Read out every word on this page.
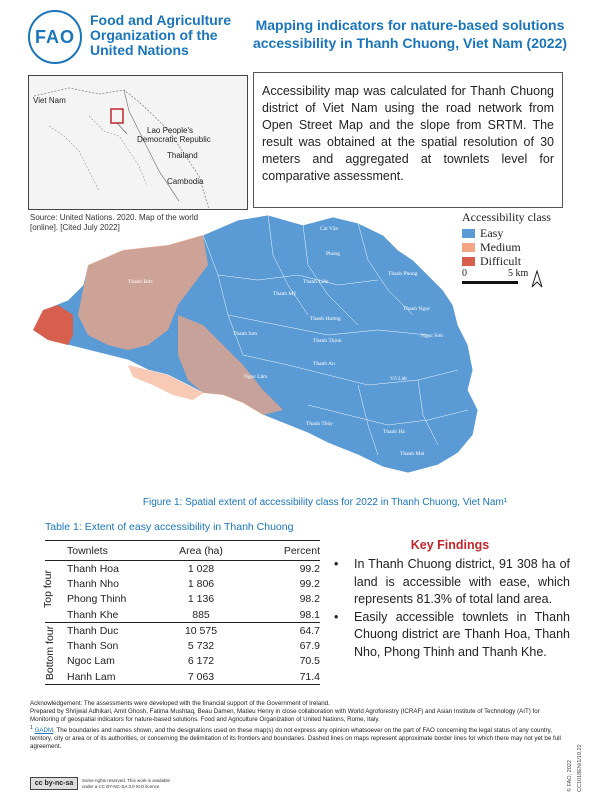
FAO
Food and Agriculture
Organization of the
United Nations
Mapping indicators for nature-based solutions
accessibility in Thanh Chuong, Viet Nam (2022)
Viet Nam
Lao People's
Democratic Republic
Thailand
Cambodia
Source: United Nations. 2020. Map of the world
[online]. [Cited July 2022]
Accessibility map was calculated for Thanh Chuong district of Viet Nam using the road network from Open Street Map and the slope from SRTM. The result was obtained at the spatial resolution of 30 meters and aggregated at townlets level for comparative assessment.
Cát Văn
Phong
Thanh Đức	Thanh Liên
Thanh Mỹ
Thanh Hương
Thanh Phong
Thanh Ngọc
Thanh Sơn	Ngọc Sơn
Thanh Thịnh
Thanh An
Ngọc Lâm	Võ Liệt
Thanh Hà
Thanh Lâm
Thanh Mai
Thanh Xuân
Thanh Thủy
Accessibility class
Easy
Medium
Difficult
0	5 km
Figure 1: Spatial extent of accessibility class for 2022 in Thanh Chuong, Viet Nam¹
Table 1: Extent of easy accessibility in Thanh Chuong
	Townlets	Area (ha)	Percent

Top four	Thanh Hoa	1 028	99.2
	Thanh Nho	1 806	99.2
	Phong Thinh	1 136	98.2
	Thanh Khe	885	98.1

Bottom four	Thanh Duc	10 575	64.7
	Thanh Son	5 732	67.9
	Ngoc Lam	6 172	70.5
	Hanh Lam	7 063	71.4
Key Findings
• In Thanh Chuong district, 91 308 ha of land is accessible with ease, which represents 81.3% of total land area.
• Easily accessible townlets in Thanh Chuong district are Thanh Hoa, Thanh Nho, Phong Thinh and Thanh Khe.
Acknowledgement: The assessments were developed with the financial support of the Government of Ireland.
Prepared by Shrijwal Adhikari, Amit Ghosh, Fatima Mushtaq, Beau Damen, Matieu Henry in close collaboration with World Agroforestry (ICRAF) and Asian Institute of Technology (AIT) for Monitoring of geospatial indicators for nature-based solutions. Food and Agriculture Organization of United Nations, Rome, Italy.
$^1$ GADM. The boundaries and names shown, and the designations used on these map(s) do not express any opinion whatsoever on the part of FAO concerning the legal status of any country, territory, city or area or of its authorities, or concerning the delimitation of its frontiers and boundaries. Dashed lines on maps represent approximate border lines for which there may not yet be full agreement.
cc by-nc-sa	Some rights reserved. This work is available
under a CC BY-NC-SA 3.0 IGO licence	© FAO, 2022 CC1018EN/1/10.22
